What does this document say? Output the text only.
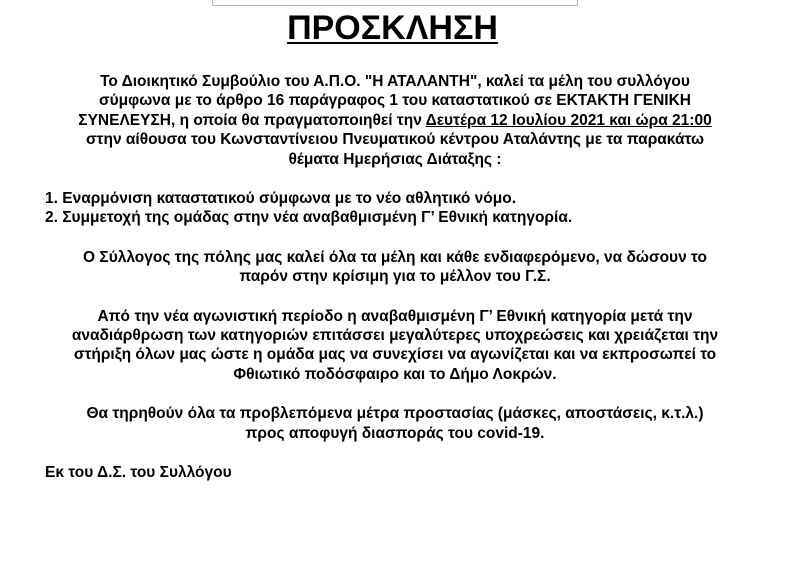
ΠΡΟΣΚΛΗΣΗ
Το Διοικητικό Συμβούλιο του Α.Π.Ο. "Η ΑΤΑΛΑΝΤΗ", καλεί τα μέλη του συλλόγου
σύμφωνα με το άρθρο 16 παράγραφος 1 του καταστατικού σε ΕΚΤΑΚΤΗ ΓΕΝΙΚΗ
ΣΥΝΕΛΕΥΣΗ, η οποία θα πραγματοποιηθεί την Δευτέρα 12 Ιουλίου 2021 και ώρα 21:00
στην αίθουσα του Κωνσταντίνειου Πνευματικού κέντρου Αταλάντης με τα παρακάτω
θέματα Ημερήσιας Διάταξης :
1. Εναρμόνιση καταστατικού σύμφωνα με το νέο αθλητικό νόμο.
2. Συμμετοχή της ομάδας στην νέα αναβαθμισμένη Γ’ Εθνική κατηγορία.
Ο Σύλλογος της πόλης μας καλεί όλα τα μέλη και κάθε ενδιαφερόμενο, να δώσουν το
παρόν στην κρίσιμη για το μέλλον του Γ.Σ.
Από την νέα αγωνιστική περίοδο η αναβαθμισμένη Γ’ Εθνική κατηγορία μετά την
αναδιάρθρωση των κατηγοριών επιτάσσει μεγαλύτερες υποχρεώσεις και χρειάζεται την
στήριξη όλων μας ώστε η ομάδα μας να συνεχίσει να αγωνίζεται και να εκπροσωπεί το
Φθιωτικό ποδόσφαιρο και το Δήμο Λοκρών.
Θα τηρηθούν όλα τα προβλεπόμενα μέτρα προστασίας (μάσκες, αποστάσεις, κ.τ.λ.)
προς αποφυγή διασποράς του covid-19.
Εκ του Δ.Σ. του Συλλόγου
